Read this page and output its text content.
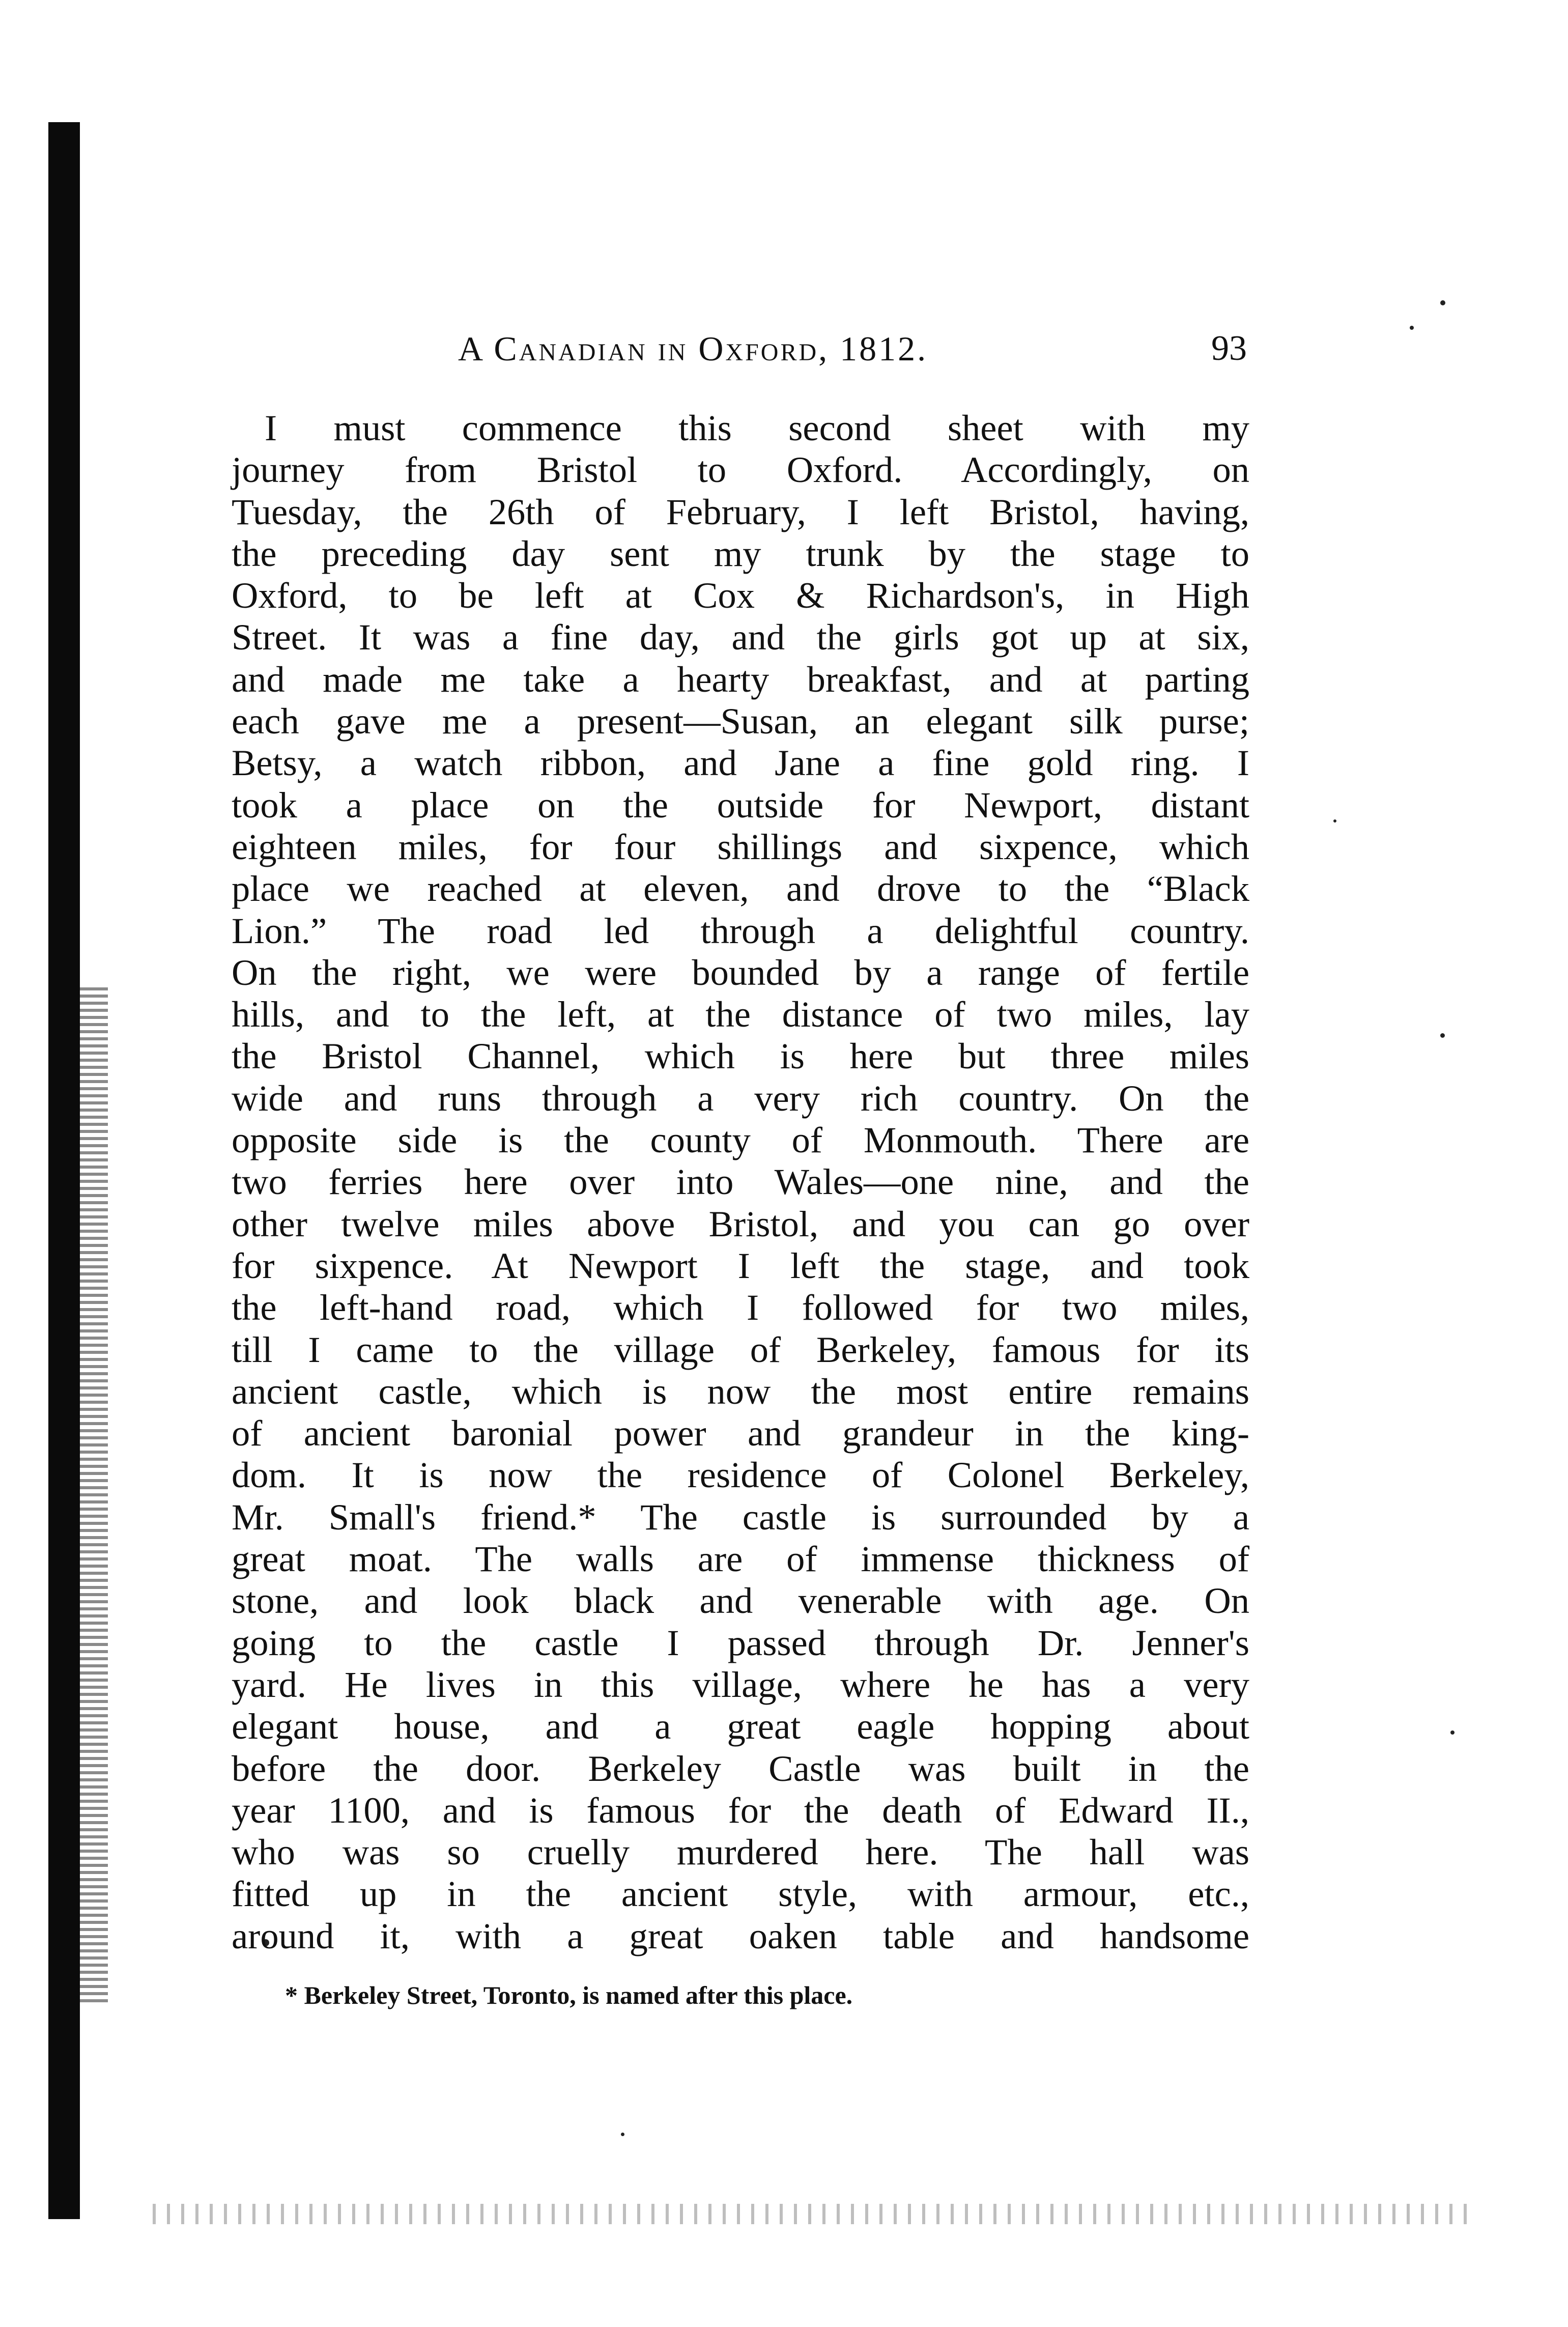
A Canadian in Oxford, 1812.	93
I must commence this second sheet with my
journey from Bristol to Oxford. Accordingly, on
Tuesday, the 26th of February, I left Bristol, having,
the preceding day sent my trunk by the stage to
Oxford, to be left at Cox & Richardson's, in High
Street. It was a fine day, and the girls got up at six,
and made me take a hearty breakfast, and at parting
each gave me a present—Susan, an elegant silk purse;
Betsy, a watch ribbon, and Jane a fine gold ring. I
took a place on the outside for Newport, distant
eighteen miles, for four shillings and sixpence, which
place we reached at eleven, and drove to the “Black
Lion.” The road led through a delightful country.
On the right, we were bounded by a range of fertile
hills, and to the left, at the distance of two miles, lay
the Bristol Channel, which is here but three miles
wide and runs through a very rich country. On the
opposite side is the county of Monmouth. There are
two ferries here over into Wales—one nine, and the
other twelve miles above Bristol, and you can go over
for sixpence. At Newport I left the stage, and took
the left-hand road, which I followed for two miles,
till I came to the village of Berkeley, famous for its
ancient castle, which is now the most entire remains
of ancient baronial power and grandeur in the king-
dom. It is now the residence of Colonel Berkeley,
Mr. Small's friend.* The castle is surrounded by a
great moat. The walls are of immense thickness of
stone, and look black and venerable with age. On
going to the castle I passed through Dr. Jenner's
yard. He lives in this village, where he has a very
elegant house, and a great eagle hopping about
before the door. Berkeley Castle was built in the
year 1100, and is famous for the death of Edward II.,
who was so cruelly murdered here. The hall was
fitted up in the ancient style, with armour, etc.,
around it, with a great oaken table and handsome
* Berkeley Street, Toronto, is named after this place.
